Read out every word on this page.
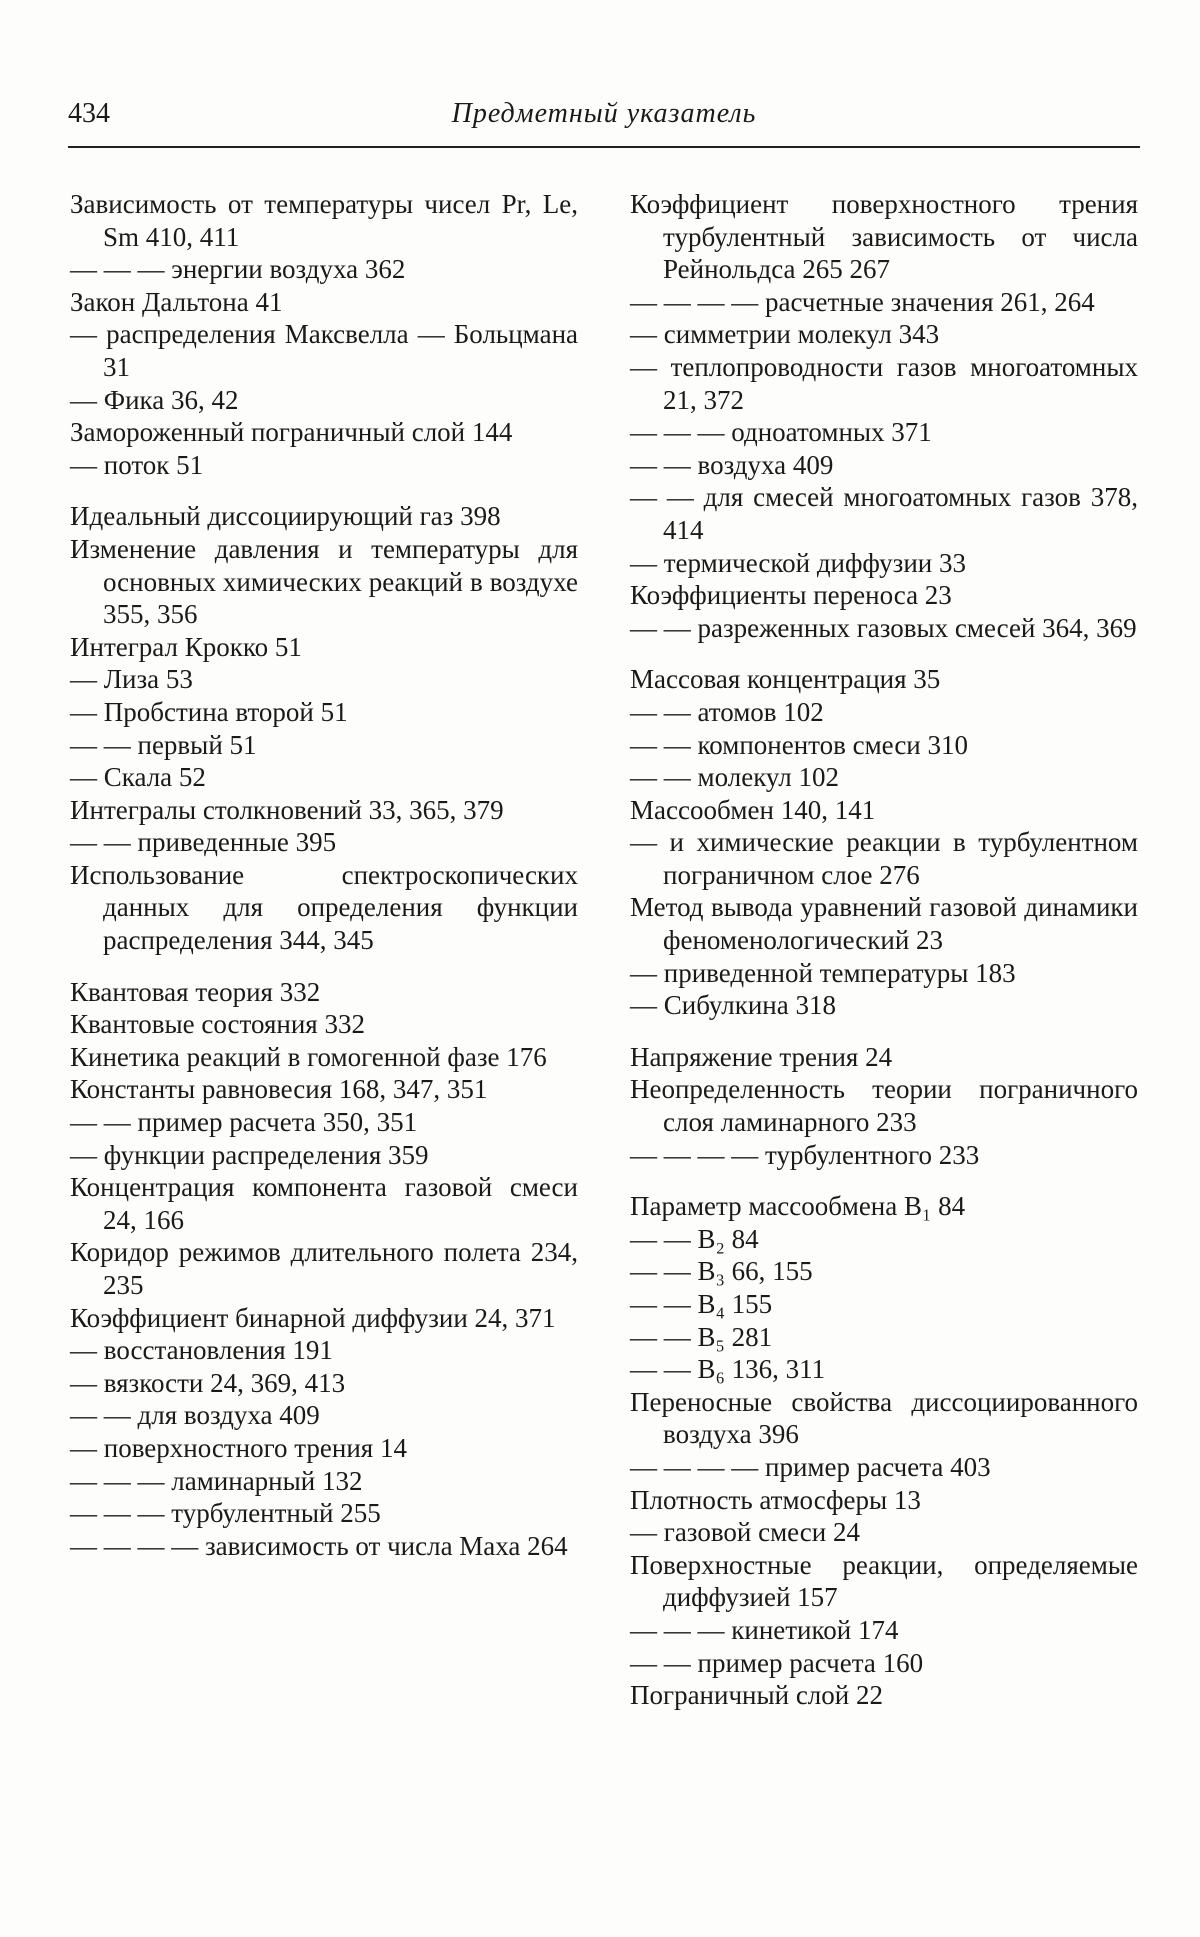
434	Предметный указатель
Зависимость от температуры чисел Pr, Le, Sm 410, 411
— — — энергии воздуха 362
Закон Дальтона 41
— распределения Максвелла — Больцмана 31
— Фика 36, 42
Замороженный пограничный слой 144
— поток 51
Идеальный диссоциирующий газ 398
Изменение давления и температуры для основных химических реакций в воздухе 355, 356
Интеграл Крокко 51
— Лиза 53
— Пробстина второй 51
— — первый 51
— Скала 52
Интегралы столкновений 33, 365, 379
— — приведенные 395
Использование спектроскопических данных для определения функции распределения 344, 345
Квантовая теория 332
Квантовые состояния 332
Кинетика реакций в гомогенной фазе 176
Константы равновесия 168, 347, 351
— — пример расчета 350, 351
— функции распределения 359
Концентрация компонента газовой смеси 24, 166
Коридор режимов длительного полета 234, 235
Коэффициент бинарной диффузии 24, 371
— восстановления 191
— вязкости 24, 369, 413
— — для воздуха 409
— поверхностного трения 14
— — — ламинарный 132
— — — турбулентный 255
— — — — зависимость от числа Маха 264
Коэффициент поверхностного трения турбулентный зависимость от числа Рейнольдса 265 267
— — — — расчетные значения 261, 264
— симметрии молекул 343
— теплопроводности газов многоатомных 21, 372
— — — одноатомных 371
— — воздуха 409
— — для смесей многоатомных газов 378, 414
— термической диффузии 33
Коэффициенты переноса 23
— — разреженных газовых смесей 364, 369
Массовая концентрация 35
— — атомов 102
— — компонентов смеси 310
— — молекул 102
Массообмен 140, 141
— и химические реакции в турбулентном пограничном слое 276
Метод вывода уравнений газовой динамики феноменологический 23
— приведенной температуры 183
— Сибулкина 318
Напряжение трения 24
Неопределенность теории пограничного слоя ламинарного 233
— — — — турбулентного 233
Параметр массообмена B₁ 84
— — B₂ 84
— — B₃ 66, 155
— — B₄ 155
— — B₅ 281
— — B₆ 136, 311
Переносные свойства диссоциированного воздуха 396
— — — — пример расчета 403
Плотность атмосферы 13
— газовой смеси 24
Поверхностные реакции, определяемые диффузией 157
— — — кинетикой 174
— — пример расчета 160
Пограничный слой 22
